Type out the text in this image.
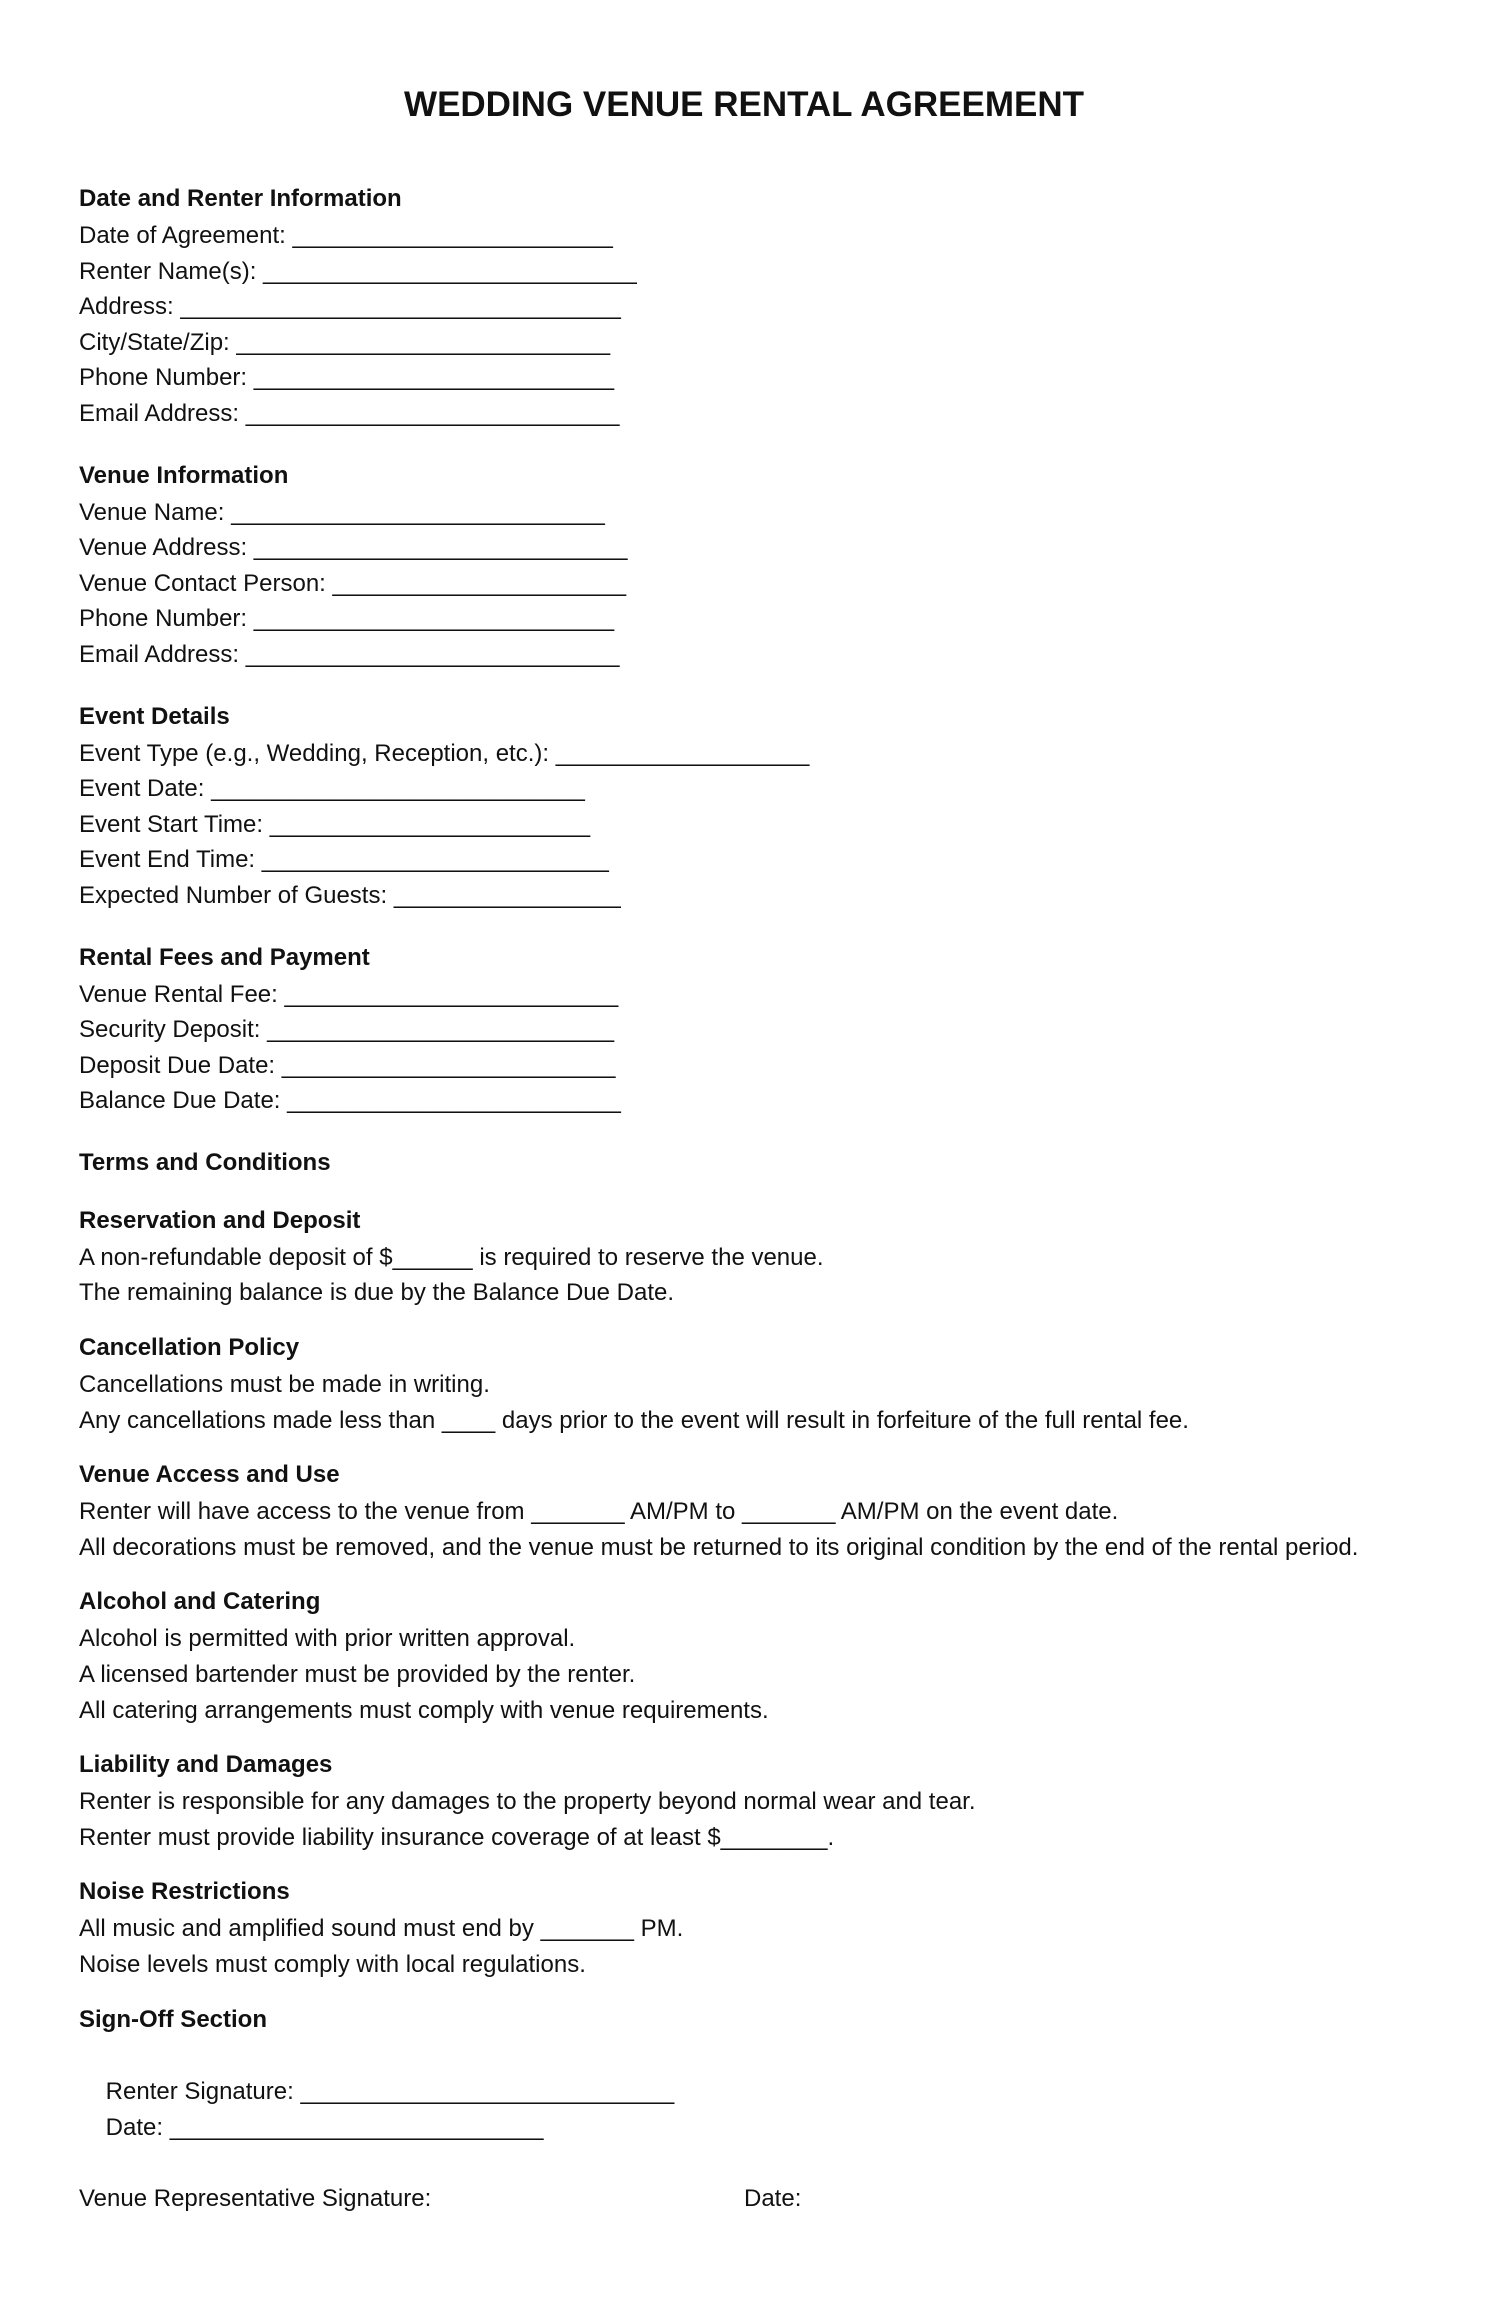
WEDDING VENUE RENTAL AGREEMENT
Date and Renter Information
Date of Agreement: ________________________
Renter Name(s): ____________________________
Address: _________________________________
City/State/Zip: ____________________________
Phone Number: ___________________________
Email Address: ____________________________
Venue Information
Venue Name: ____________________________
Venue Address: ____________________________
Venue Contact Person: ______________________
Phone Number: ___________________________
Email Address: ____________________________
Event Details
Event Type (e.g., Wedding, Reception, etc.): ___________________
Event Date: ____________________________
Event Start Time: ________________________
Event End Time: __________________________
Expected Number of Guests: _________________
Rental Fees and Payment
Venue Rental Fee: _________________________
Security Deposit: __________________________
Deposit Due Date: _________________________
Balance Due Date: _________________________
Terms and Conditions
Reservation and Deposit
A non-refundable deposit of $______ is required to reserve the venue.
The remaining balance is due by the Balance Due Date.
Cancellation Policy
Cancellations must be made in writing.
Any cancellations made less than ____ days prior to the event will result in forfeiture of the full rental fee.
Venue Access and Use
Renter will have access to the venue from _______ AM/PM to _______ AM/PM on the event date.
All decorations must be removed, and the venue must be returned to its original condition by the end of the rental period.
Alcohol and Catering
Alcohol is permitted with prior written approval.
A licensed bartender must be provided by the renter.
All catering arrangements must comply with venue requirements.
Liability and Damages
Renter is responsible for any damages to the property beyond normal wear and tear.
Renter must provide liability insurance coverage of at least $________.
Noise Restrictions
All music and amplified sound must end by _______ PM.
Noise levels must comply with local regulations.
Sign-Off Section

Renter Signature: ____________________________
Date: ____________________________

Venue Representative Signature:

	Date:
